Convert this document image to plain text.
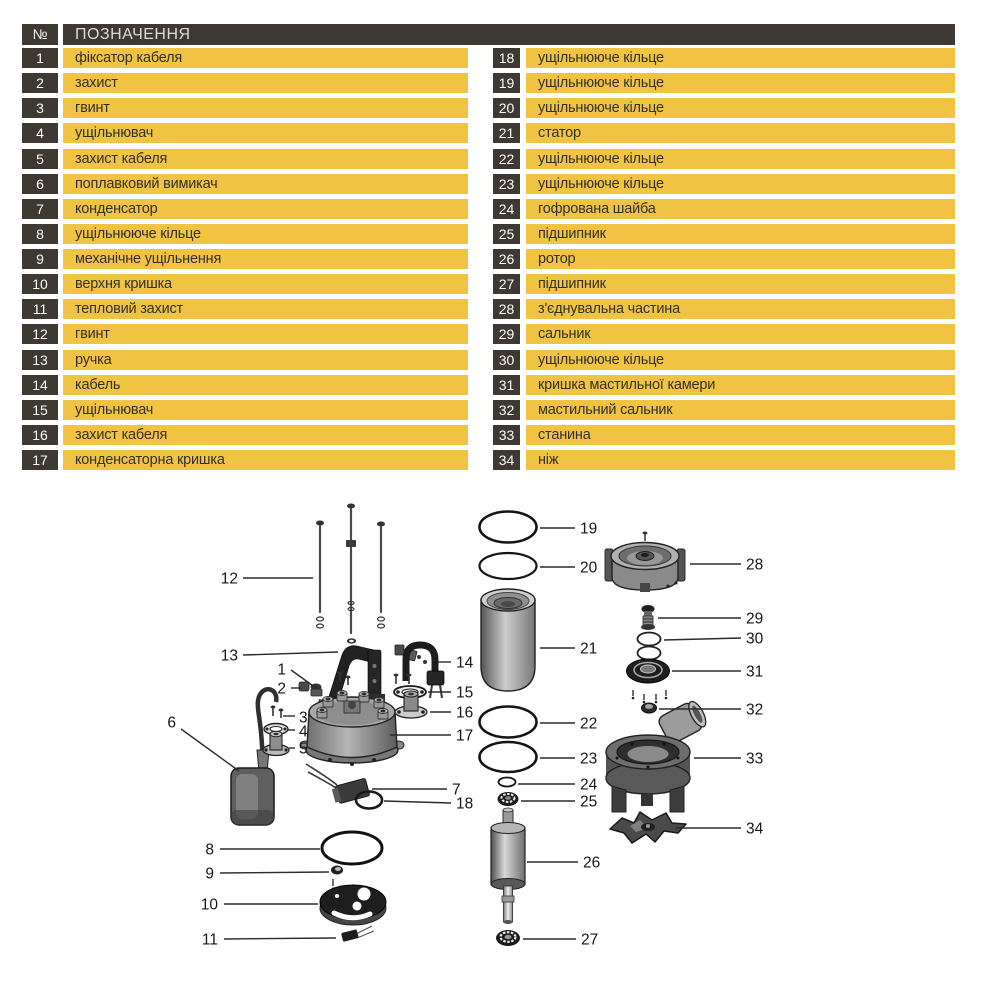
№	ПОЗНАЧЕННЯ
1	фіксатор кабеля
2	захист
3	гвинт
4	ущільнювач
5	захист кабеля
6	поплавковий вимикач
7	конденсатор
8	ущільнююче кільце
9	механічне ущільнення
10	верхня кришка
11	тепловий захист
12	гвинт
13	ручка
14	кабель
15	ущільнювач
16	захист кабеля
17	конденсаторна кришка
18	ущільнююче кільце
19	ущільнююче кільце
20	ущільнююче кільце
21	статор
22	ущільнююче кільце
23	ущільнююче кільце
24	гофрована шайба
25	підшипник
26	ротор
27	підшипник
28	з'єднувальна частина
29	сальник
30	ущільнююче кільце
31	кришка мастильної камери
32	мастильний сальник
33	станина
34	ніж
1
2
3
4
5
6
7
8
9
10
11
12
13	14
15
16
17
18
19
20
21
22
23
24
25
26
27
28
29
30
31
32
33
34
